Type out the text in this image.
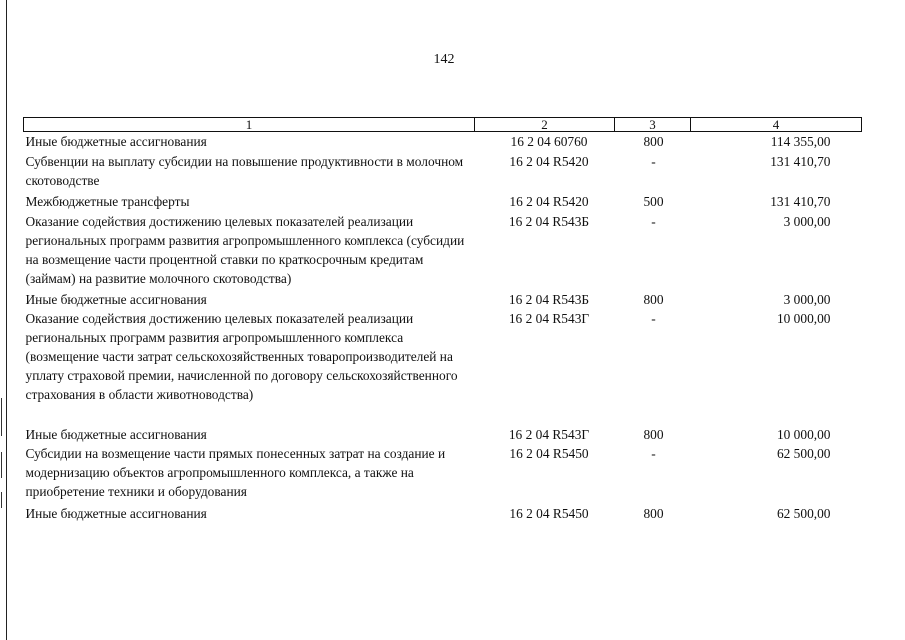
142
1	2	3	4
Иные бюджетные ассигнования	16 2 04 60760	800	114 355,00
Субвенции на выплату субсидии на повышение продуктивности в молочном скотоводстве	16 2 04 R5420	-	131 410,70
Межбюджетные трансферты	16 2 04 R5420	500	131 410,70
Оказание содействия достижению целевых показателей реализации региональных программ развития агропромышленного комплекса (субсидии на возмещение части процентной ставки по краткосрочным кредитам (займам) на развитие молочного скотоводства)	16 2 04 R543Б	-	3 000,00
Иные бюджетные ассигнования	16 2 04 R543Б	800	3 000,00
Оказание содействия достижению целевых показателей реализации региональных программ развития агропромышленного комплекса (возмещение части затрат сельскохозяйственных товаропроизводителей на уплату страховой премии, начисленной по договору сельскохозяйственного страхования в области животноводства)	16 2 04 R543Г	-	10 000,00
Иные бюджетные ассигнования	16 2 04 R543Г	800	10 000,00
Субсидии на возмещение части прямых понесенных затрат на создание и модернизацию объектов агропромышленного комплекса, а также на приобретение техники и оборудования	16 2 04 R5450	-	62 500,00
Иные бюджетные ассигнования	16 2 04 R5450	800	62 500,00
